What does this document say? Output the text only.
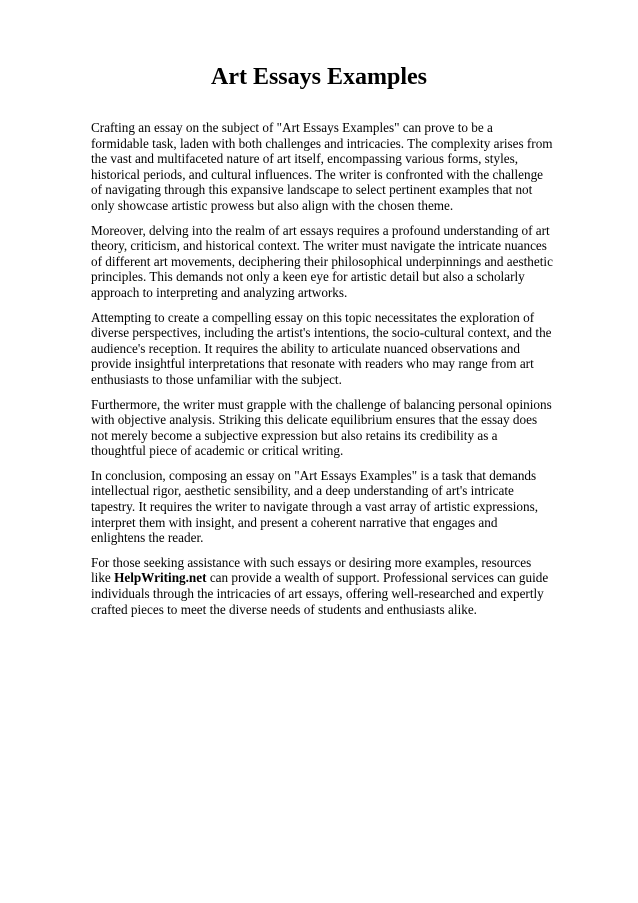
Art Essays Examples

Crafting an essay on the subject of "Art Essays Examples" can prove to be a formidable task, laden with both challenges and intricacies. The complexity arises from the vast and multifaceted nature of art itself, encompassing various forms, styles, historical periods, and cultural influences. The writer is confronted with the challenge of navigating through this expansive landscape to select pertinent examples that not only showcase artistic prowess but also align with the chosen theme.

Moreover, delving into the realm of art essays requires a profound understanding of art theory, criticism, and historical context. The writer must navigate the intricate nuances of different art movements, deciphering their philosophical underpinnings and aesthetic principles. This demands not only a keen eye for artistic detail but also a scholarly approach to interpreting and analyzing artworks.

Attempting to create a compelling essay on this topic necessitates the exploration of diverse perspectives, including the artist's intentions, the socio-cultural context, and the audience's reception. It requires the ability to articulate nuanced observations and provide insightful interpretations that resonate with readers who may range from art enthusiasts to those unfamiliar with the subject.

Furthermore, the writer must grapple with the challenge of balancing personal opinions with objective analysis. Striking this delicate equilibrium ensures that the essay does not merely become a subjective expression but also retains its credibility as a thoughtful piece of academic or critical writing.

In conclusion, composing an essay on "Art Essays Examples" is a task that demands intellectual rigor, aesthetic sensibility, and a deep understanding of art's intricate tapestry. It requires the writer to navigate through a vast array of artistic expressions, interpret them with insight, and present a coherent narrative that engages and enlightens the reader.

For those seeking assistance with such essays or desiring more examples, resources like HelpWriting.net can provide a wealth of support. Professional services can guide individuals through the intricacies of art essays, offering well-researched and expertly crafted pieces to meet the diverse needs of students and enthusiasts alike.
